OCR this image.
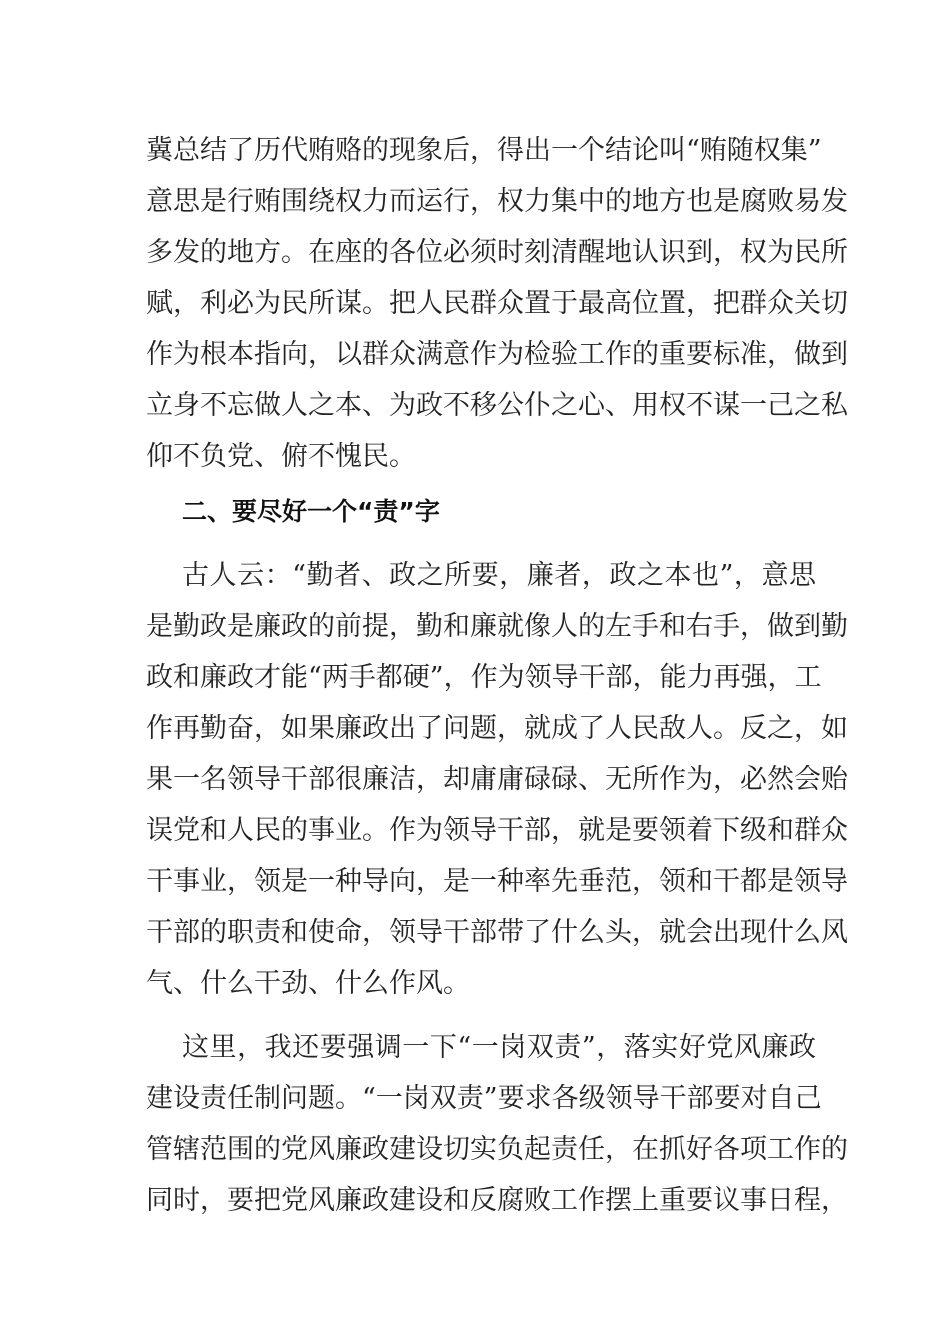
冀总结了历代贿赂的现象后，得出一个结论叫“贿随权集”

意思是行贿围绕权力而运行，权力集中的地方也是腐败易发

多发的地方。在座的各位必须时刻清醒地认识到，权为民所

赋，利必为民所谋。把人民群众置于最高位置，把群众关切

作为根本指向，以群众满意作为检验工作的重要标准，做到

立身不忘做人之本、为政不移公仆之心、用权不谋一己之私

仰不负党、俯不愧民。

二、要尽好一个“责”字

古人云：“勤者、政之所要，廉者，政之本也”，意思

是勤政是廉政的前提，勤和廉就像人的左手和右手，做到勤

政和廉政才能“两手都硬”，作为领导干部，能力再强，工

作再勤奋，如果廉政出了问题，就成了人民敌人。反之，如

果一名领导干部很廉洁，却庸庸碌碌、无所作为，必然会贻

误党和人民的事业。作为领导干部，就是要领着下级和群众

干事业，领是一种导向，是一种率先垂范，领和干都是领导

干部的职责和使命，领导干部带了什么头，就会出现什么风

气、什么干劲、什么作风。

这里，我还要强调一下“一岗双责”，落实好党风廉政

建设责任制问题。“一岗双责”要求各级领导干部要对自己

管辖范围的党风廉政建设切实负起责任，在抓好各项工作的

同时，要把党风廉政建设和反腐败工作摆上重要议事日程，
